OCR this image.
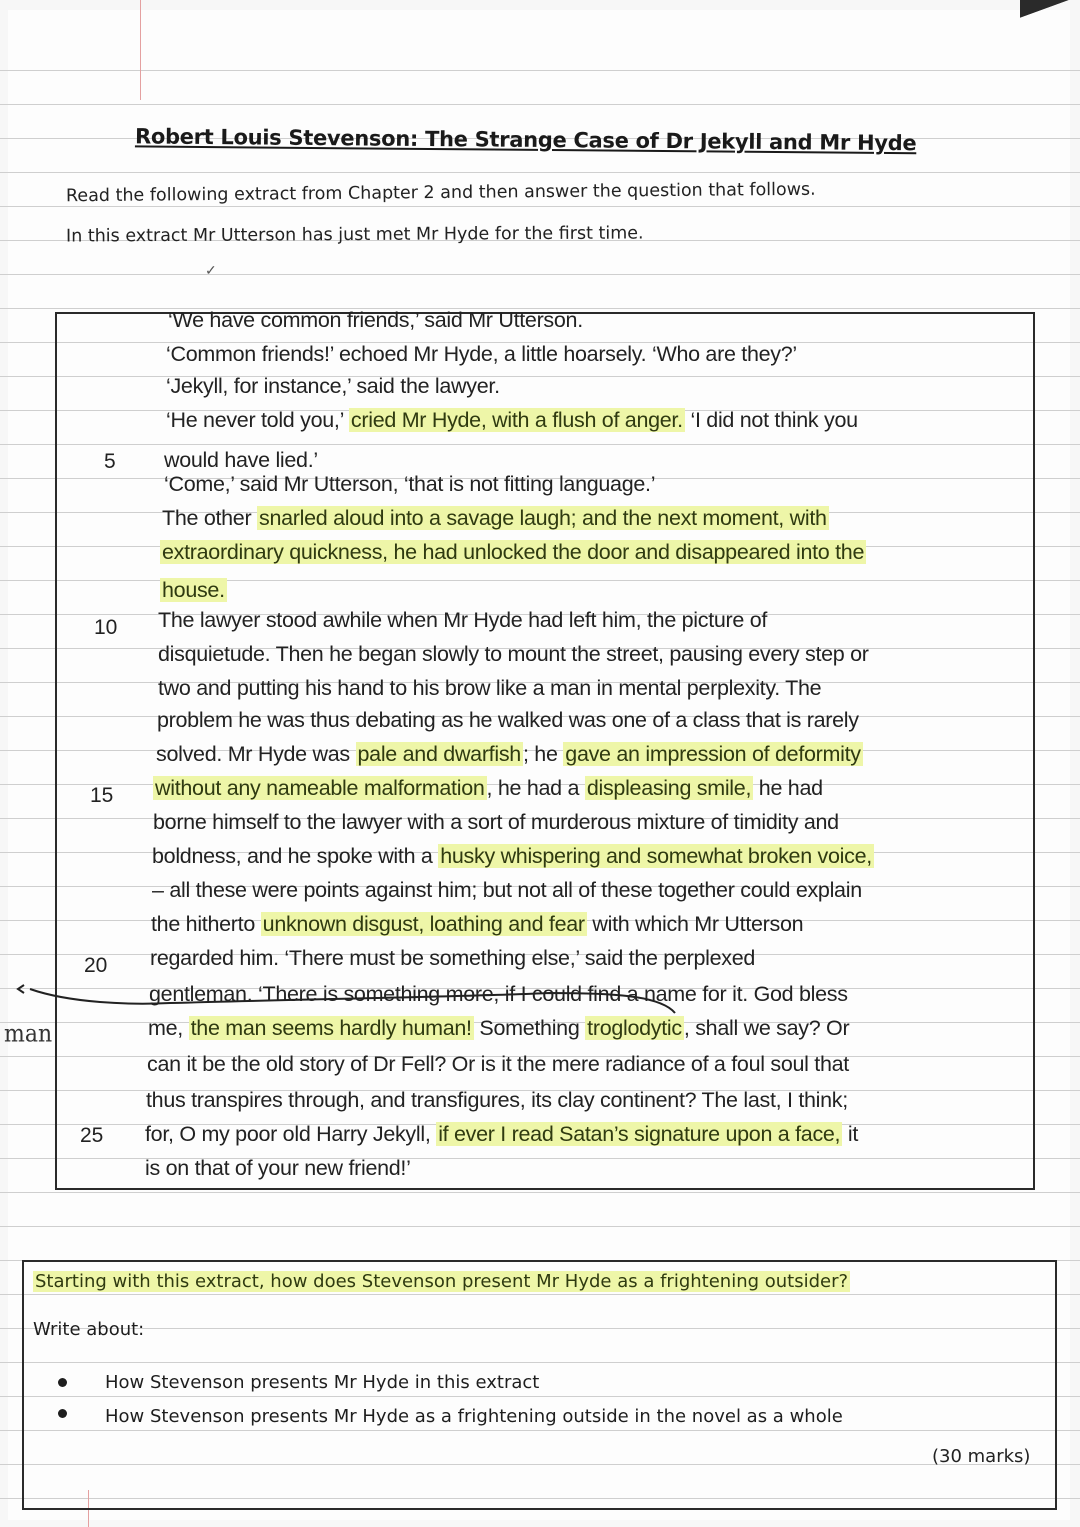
Robert Louis Stevenson: The Strange Case of Dr Jekyll and Mr Hyde
Read the following extract from Chapter 2 and then answer the question that follows.
In this extract Mr Utterson has just met Mr Hyde for the first time.
✓
‘We have common friends,’ said Mr Utterson.
‘Common friends!’ echoed Mr Hyde, a little hoarsely. ‘Who are they?’
‘Jekyll, for instance,’ said the lawyer.
‘He never told you,’ cried Mr Hyde, with a flush of anger. ‘I did not think you
would have lied.’
‘Come,’ said Mr Utterson, ‘that is not fitting language.’
The other snarled aloud into a savage laugh; and the next moment, with
extraordinary quickness, he had unlocked the door and disappeared into the
house.
The lawyer stood awhile when Mr Hyde had left him, the picture of
disquietude. Then he began slowly to mount the street, pausing every step or
two and putting his hand to his brow like a man in mental perplexity. The
problem he was thus debating as he walked was one of a class that is rarely
solved. Mr Hyde was pale and dwarfish; he gave an impression of deformity
without any nameable malformation, he had a displeasing smile, he had
borne himself to the lawyer with a sort of murderous mixture of timidity and
boldness, and he spoke with a husky whispering and somewhat broken voice,
– all these were points against him; but not all of these together could explain
the hitherto unknown disgust, loathing and fear with which Mr Utterson
regarded him. ‘There must be something else,’ said the perplexed
gentleman. ‘There is something more, if I could find a name for it. God bless
me, the man seems hardly human! Something troglodytic, shall we say? Or
can it be the old story of Dr Fell? Or is it the mere radiance of a foul soul that
thus transpires through, and transfigures, its clay continent? The last, I think;
for, O my poor old Harry Jekyll, if ever I read Satan’s signature upon a face, it
is on that of your new friend!’
5
10
15
20
25
man
Starting with this extract, how does Stevenson present Mr Hyde as a frightening outsider?
Write about:
How Stevenson presents Mr Hyde in this extract
How Stevenson presents Mr Hyde as a frightening outside in the novel as a whole
(30 marks)
